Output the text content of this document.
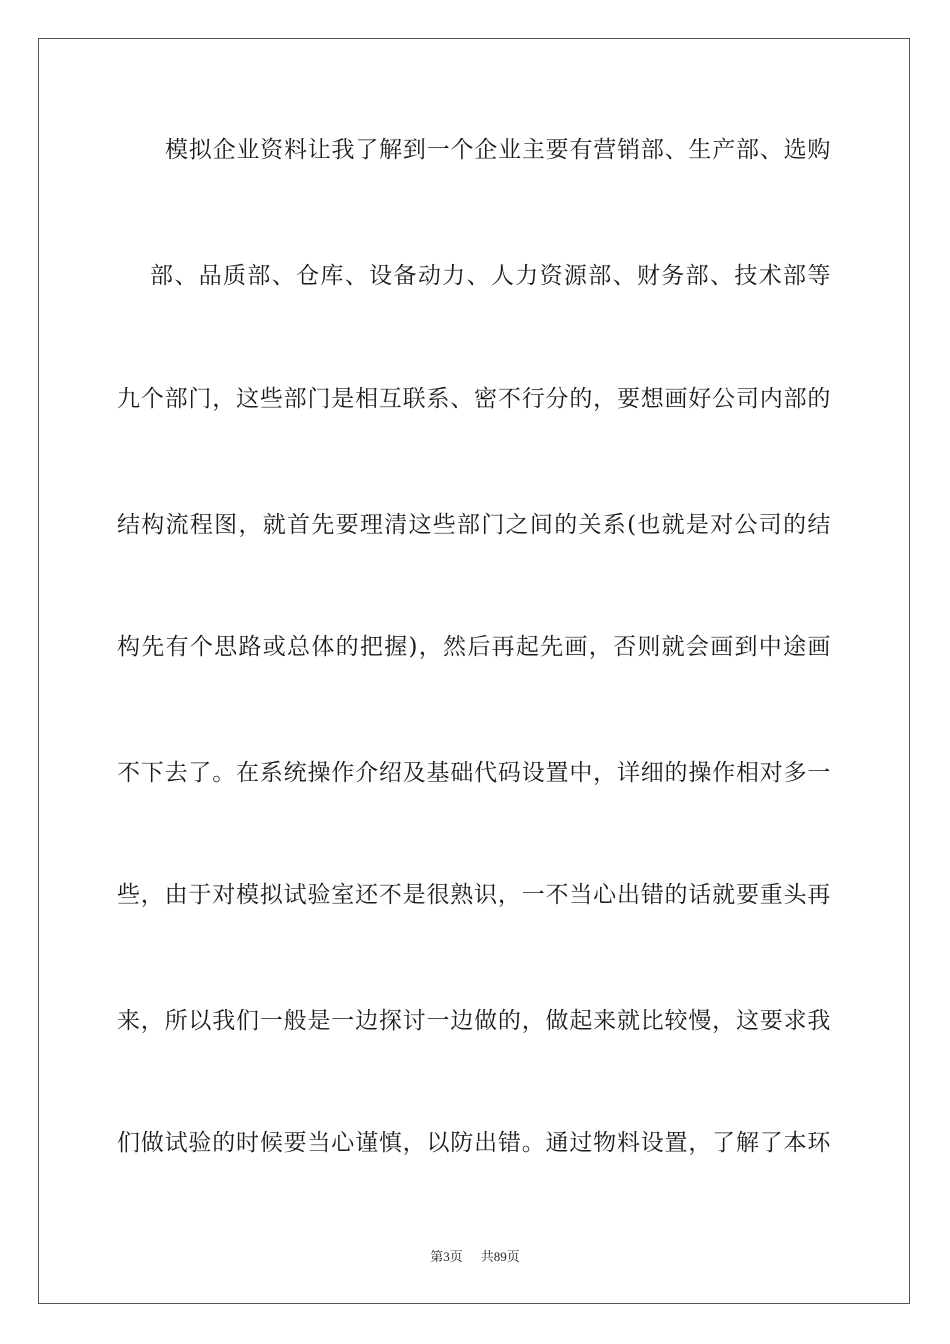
模拟企业资料让我了解到一个企业主要有营销部、生产部、选购
部、品质部、仓库、设备动力、人力资源部、财务部、技术部等
九个部门，这些部门是相互联系、密不行分的，要想画好公司内部的
结构流程图，就首先要理清这些部门之间的关系(也就是对公司的结
构先有个思路或总体的把握)，然后再起先画，否则就会画到中途画
不下去了。在系统操作介绍及基础代码设置中，详细的操作相对多一
些，由于对模拟试验室还不是很熟识，一不当心出错的话就要重头再
来，所以我们一般是一边探讨一边做的，做起来就比较慢，这要求我
们做试验的时候要当心谨慎，以防出错。通过物料设置，了解了本环
第3页 共89页
